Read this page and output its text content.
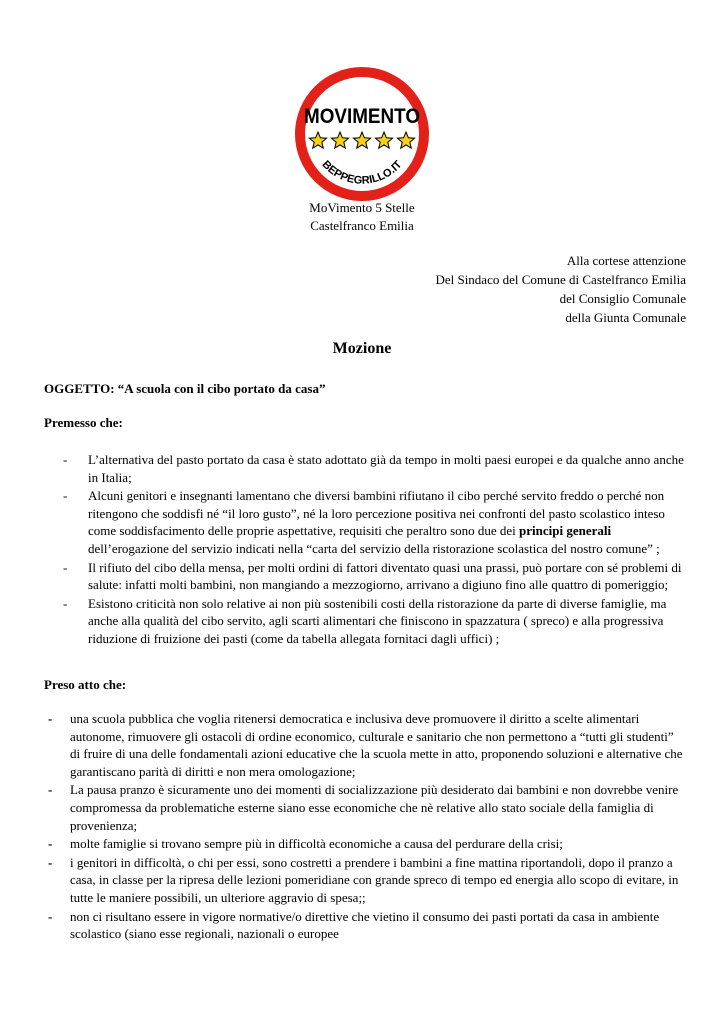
MOVIMENTO
BEPPEGRILLO.IT
MoVimento 5 Stelle
Castelfranco Emilia
Alla cortese attenzione
Del Sindaco del Comune di Castelfranco Emilia
del Consiglio Comunale
della Giunta Comunale
Mozione
OGGETTO: “A scuola con il cibo portato da casa”
Premesso che:
- L’alternativa del pasto portato da casa è stato adottato già da tempo in molti paesi europei e da qualche anno anche in Italia;
- Alcuni genitori e insegnanti lamentano che diversi bambini rifiutano il cibo perché servito freddo o perché non ritengono che soddisfi né “il loro gusto”, né la loro percezione positiva nei confronti del pasto scolastico inteso come soddisfacimento delle proprie aspettative, requisiti che peraltro sono due dei principi generali dell’erogazione del servizio indicati nella “carta del servizio della ristorazione scolastica del nostro comune” ;
- Il rifiuto del cibo della mensa, per molti ordini di fattori diventato quasi una prassi, può portare con sé problemi di salute: infatti molti bambini, non mangiando a mezzogiorno, arrivano a digiuno fino alle quattro di pomeriggio;
- Esistono criticità non solo relative ai non più sostenibili costi della ristorazione da parte di diverse famiglie, ma anche alla qualità del cibo servito, agli scarti alimentari che finiscono in spazzatura ( spreco) e alla progressiva riduzione di fruizione dei pasti (come da tabella allegata fornitaci dagli uffici) ;
Preso atto che:
- una scuola pubblica che voglia ritenersi democratica e inclusiva deve promuovere il diritto a scelte alimentari autonome, rimuovere gli ostacoli di ordine economico, culturale e sanitario che non permettono a “tutti gli studenti” di fruire di una delle fondamentali azioni educative che la scuola mette in atto, proponendo soluzioni e alternative che garantiscano parità di diritti e non mera omologazione;
- La pausa pranzo è sicuramente uno dei momenti di socializzazione più desiderato dai bambini e non dovrebbe venire compromessa da problematiche esterne siano esse economiche che nè relative allo stato sociale della famiglia di provenienza;
- molte famiglie si trovano sempre più in difficoltà economiche a causa del perdurare della crisi;
- i genitori in difficoltà, o chi per essi, sono costretti a prendere i bambini a fine mattina riportandoli, dopo il pranzo a casa, in classe per la ripresa delle lezioni pomeridiane con grande spreco di tempo ed energia allo scopo di evitare, in tutte le maniere possibili, un ulteriore aggravio di spesa;;
- non ci risultano essere in vigore normative/o direttive che vietino il consumo dei pasti portati da casa in ambiente scolastico (siano esse regionali, nazionali o europee
